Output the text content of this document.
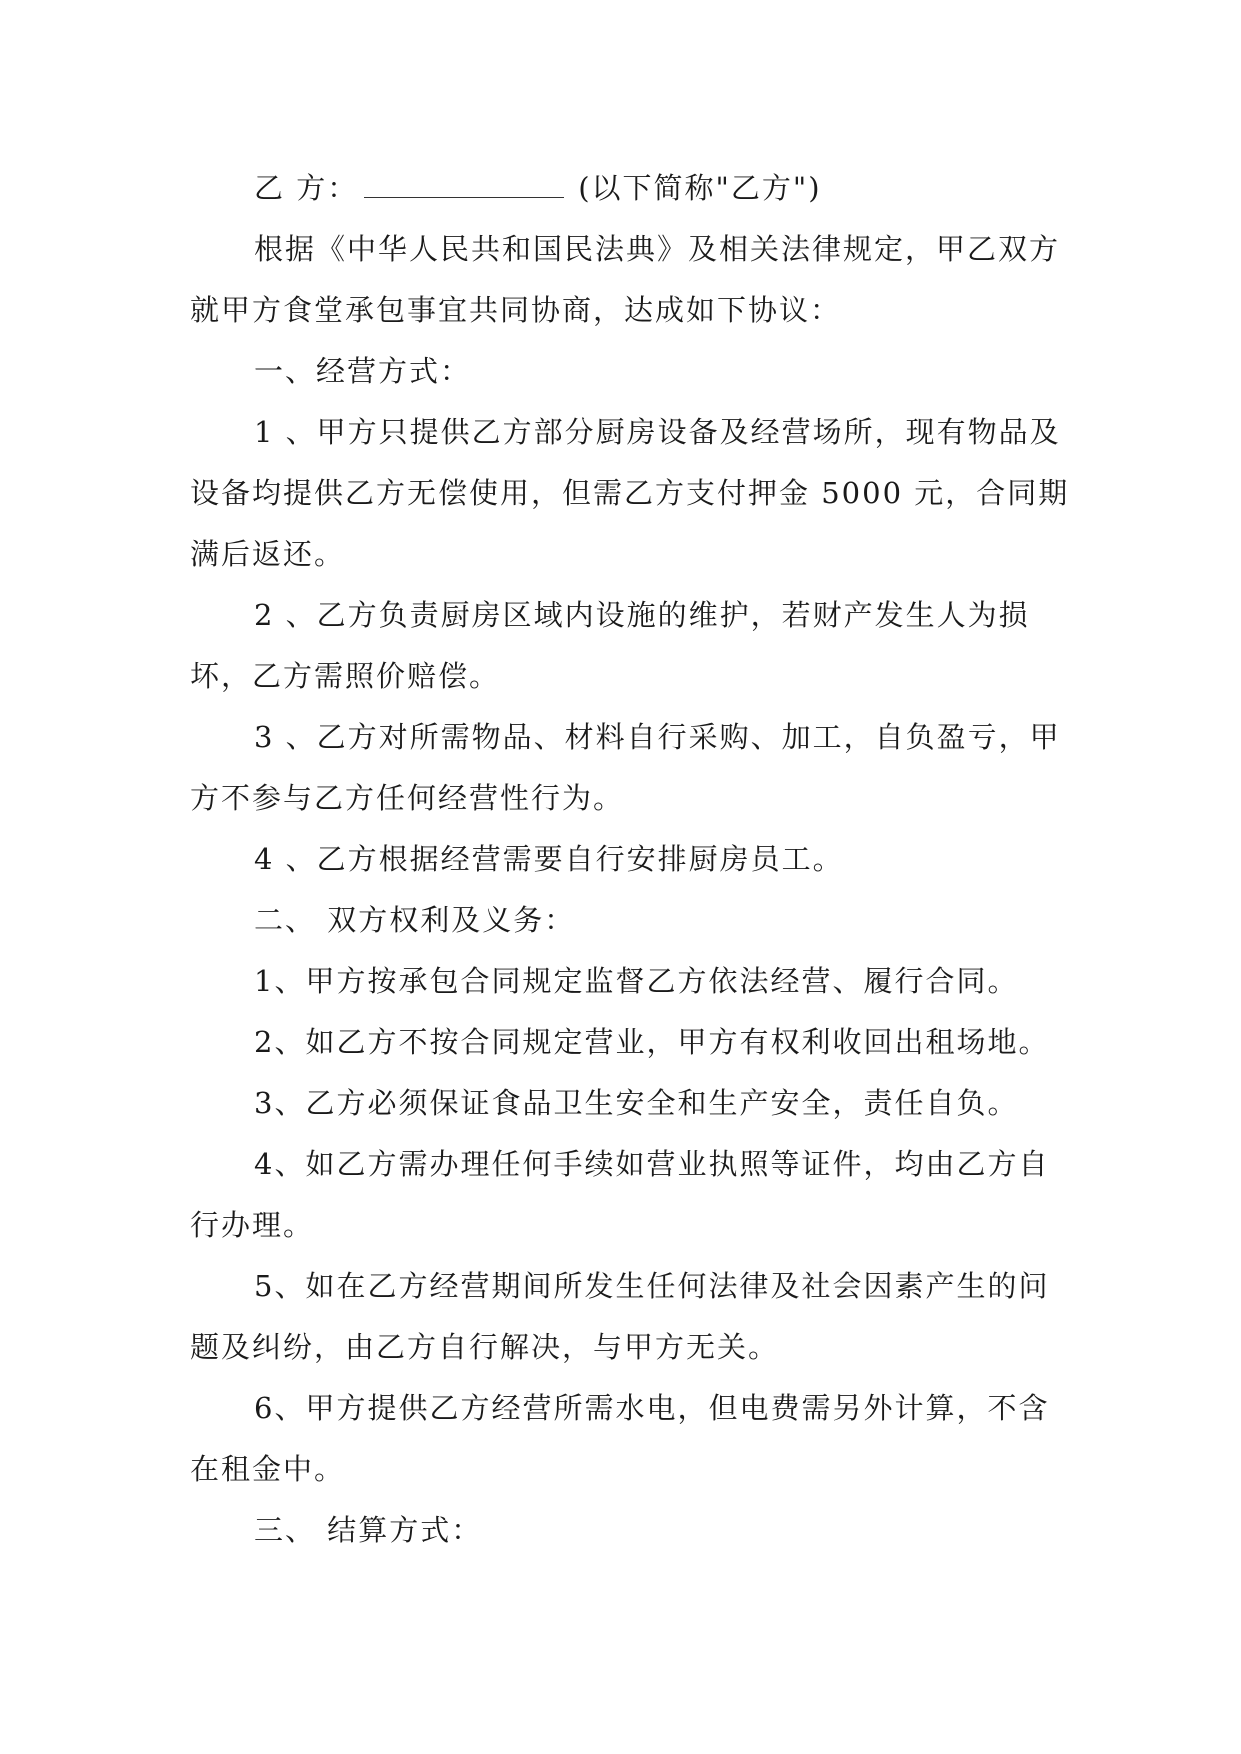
乙 方：	(以下简称"乙方")

根据《中华人民共和国民法典》及相关法律规定，甲乙双方就甲方食堂承包事宜共同协商，达成如下协议：

一、经营方式：

1 、甲方只提供乙方部分厨房设备及经营场所，现有物品及设备均提供乙方无偿使用，但需乙方支付押金 5000 元，合同期满后返还。

2 、乙方负责厨房区域内设施的维护，若财产发生人为损坏，乙方需照价赔偿。

3 、乙方对所需物品、材料自行采购、加工，自负盈亏，甲方不参与乙方任何经营性行为。

4 、乙方根据经营需要自行安排厨房员工。

二、 双方权利及义务：

1、甲方按承包合同规定监督乙方依法经营、履行合同。

2、如乙方不按合同规定营业，甲方有权利收回出租场地。

3、乙方必须保证食品卫生安全和生产安全，责任自负。

4、如乙方需办理任何手续如营业执照等证件，均由乙方自行办理。

5、如在乙方经营期间所发生任何法律及社会因素产生的问题及纠纷，由乙方自行解决，与甲方无关。

6、甲方提供乙方经营所需水电，但电费需另外计算，不含在租金中。

三、 结算方式：
